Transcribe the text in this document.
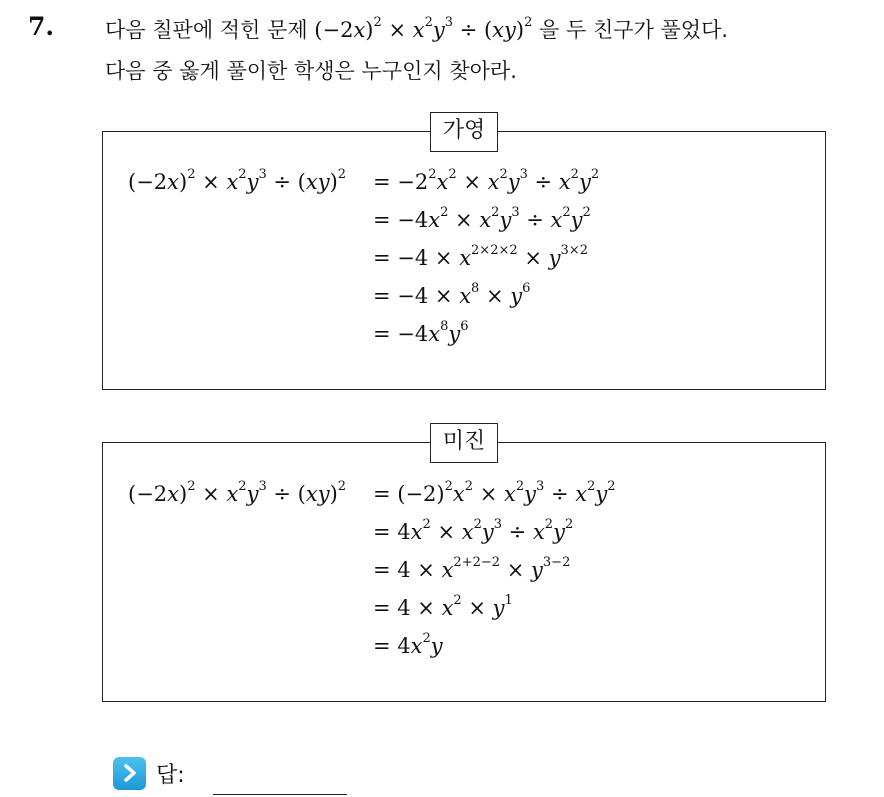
7. 다음 칠판에 적힌 문제 $(-2x)^2 \times x^2y^3 \div (xy)^2$ 을 두 친구가 풀었다.
다음 중 옳게 풀이한 학생은 누구인지 찾아라.
가영
$(-2x)^2 \times x^2y^3 \div (xy)^2 = -2^2x^2 \times x^2y^3 \div x^2y^2$
= $-4x^2 \times x^2y^3 \div x^2y^2$
= $-4 \times x^{2\times 2\times 2} \times y^{3\times 2}$
= $-4 \times x^8 \times y^6$
= $-4x^8y^6$
미진
$(-2x)^2 \times x^2y^3 \div (xy)^2 = (-2)^2x^2 \times x^2y^3 \div x^2y^2$
= $4x^2 \times x^2y^3 \div x^2y^2$
= $4 \times x^{2+2-2} \times y^{3-2}$
= $4 \times x^2 \times y^1$
= $4x^2y$
답:
